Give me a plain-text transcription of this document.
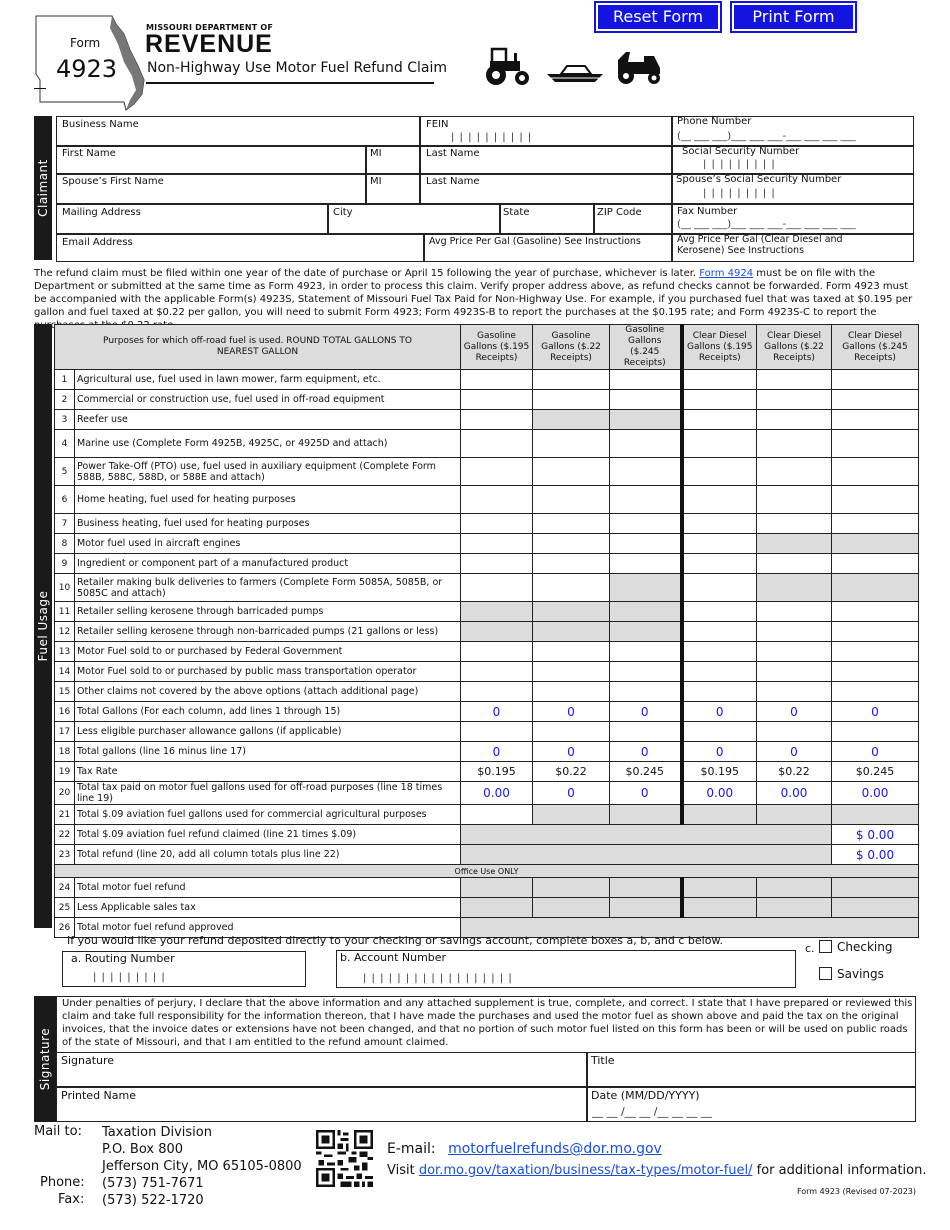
Reset Form	Print Form
Form
4923
MISSOURI DEPARTMENT OF
REVENUE
Non-Highway Use Motor Fuel Refund Claim
Claimant
Business Name	FEIN
| | | | | | | | | |
Phone Number
(__ ___ ___)___ ___ ___-___ ___ ___ ___
First Name	MI	Last Name	Social Security Number
| | | | | | | | |
Spouse’s First Name	MI	Last Name	Spouse’s Social Security Number
| | | | | | | | |
Mailing Address	City	State	ZIP Code	Fax Number
(__ ___ ___)___ ___ ___-___ ___ ___ ___
Email Address	Avg Price Per Gal (Gasoline) See Instructions	Avg Price Per Gal (Clear Diesel and
Kerosene) See Instructions
The refund claim must be filed within one year of the date of purchase or April 15 following the year of purchase, whichever is later. Form 4924 must be on file with the Department or submitted at the same time as Form 4923, in order to process this claim. Verify proper address above, as refund checks cannot be forwarded. Form 4923 must be accompanied with the applicable Form(s) 4923S, Statement of Missouri Fuel Tax Paid for Non-Highway Use. For example, if you purchased fuel that was taxed at $0.195 per gallon and fuel taxed at $0.22 per gallon, you will need to submit Form 4923; Form 4923S-B to report the purchases at the $0.195 rate; and Form 4923S-C to report the
Fuel Usage
Purposes for which off-road fuel is used. ROUND TOTAL GALLONS TO NEAREST GALLON		Gasoline Gallons ($.195 Receipts)	Gasoline Gallons ($.22 Receipts)	Gasoline Gallons ($.245 Receipts)	Clear Diesel Gallons ($.195 Receipts)	Clear Diesel Gallons ($.22 Receipts)	Clear Diesel Gallons ($.245 Receipts)
1	Agricultural use, fuel used in lawn mower, farm equipment, etc.						
2	Commercial or construction use, fuel used in off-road equipment						
3	Reefer use						
4	Marine use (Complete Form 4925B, 4925C, or 4925D and attach)						
5	Power Take-Off (PTO) use, fuel used in auxiliary equipment (Complete Form 588B, 588C, 588D, or 588E and attach)						
6	Home heating, fuel used for heating purposes						
7	Business heating, fuel used for heating purposes						
8	Motor fuel used in aircraft engines						
9	Ingredient or component part of a manufactured product						
10	Retailer making bulk deliveries to farmers (Complete Form 5085A, 5085B, or 5085C and attach)						
11	Retailer selling kerosene through barricaded pumps						
12	Retailer selling kerosene through non-barricaded pumps (21 gallons or less)						
13	Motor Fuel sold to or purchased by Federal Government						
14	Motor Fuel sold to or purchased by public mass transportation operator						
15	Other claims not covered by the above options (attach additional page)						
16	Total Gallons (For each column, add lines 1 through 15)	0	0	0	0	0	0
17	Less eligible purchaser allowance gallons (if applicable)						
18	Total gallons (line 16 minus line 17)	0	0	0	0	0	0
19	Tax Rate	$0.195	$0.22	$0.245	$0.195	$0.22	$0.245
20	Total tax paid on motor fuel gallons used for off-road purposes (line 18 times line 19)	0.00	0	0	0.00	0.00	0.00
21	Total $.09 aviation fuel gallons used for commercial agricultural purposes						
22	Total $.09 aviation fuel refund claimed (line 21 times $.09)						$ 0.00
23	Total refund (line 20, add all column totals plus line 22)						$ 0.00
Office Use ONLY							
24	Total motor fuel refund						
25	Less Applicable sales tax						
26	Total motor fuel refund approved						
If you would like your refund deposited directly to your checking or savings account, complete boxes a, b, and c below.
a. Routing Number
| | | | | | | | |
b. Account Number
| | | | | | | | | | | | | | | | | |
c. Checking
Savings
Signature
Under penalties of perjury, I declare that the above information and any attached supplement is true, complete, and correct. I state that I have prepared or reviewed this claim and take full responsibility for the information thereon, that I have made the purchases and used the motor fuel as shown above and paid the tax on the original invoices, that the invoice dates or extensions have not been changed, and that no portion of such motor fuel listed on this form has been or will be used on public roads of the state of Missouri, and that I am entitled to the refund amount claimed.
Signature	Title
Printed Name	Date (MM/DD/YYYY)
__ __ /__ __ /__ __ __ __
Mail to: Taxation Division
P.O. Box 800
Jefferson City, MO 65105-0800
(573) 751-7671
(573) 522-1720
Phone:
Fax:
E-mail: motorfuelrefunds@dor.mo.gov
Visit dor.mo.gov/taxation/business/tax-types/motor-fuel/ for additional information.
Form 4923 (Revised 07-2023)
